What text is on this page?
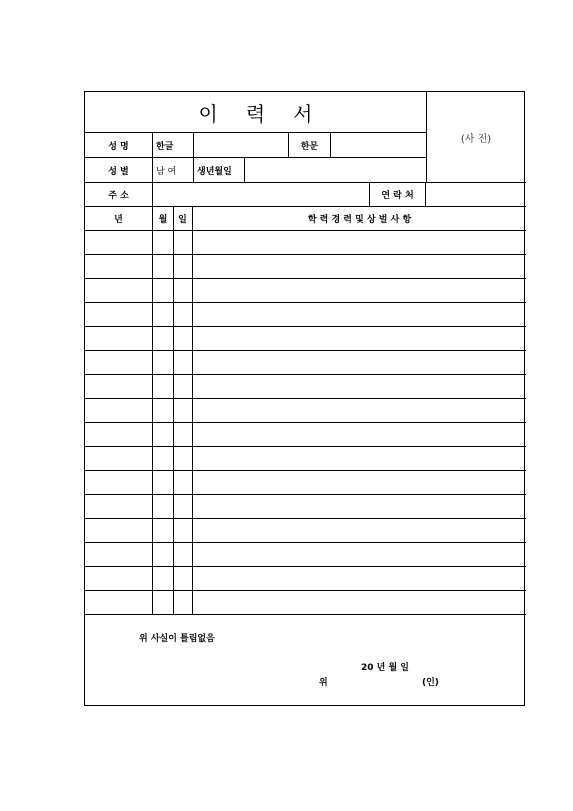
이 력 서
(사 진)
성 명	한글	한문
성 별	남 여	생년월일
주 소	연 락 처
년	월	일	학 력 경 력 및 상 벌 사 항
위 사실이 틀림없음
20 년 월 일
위	(인)
